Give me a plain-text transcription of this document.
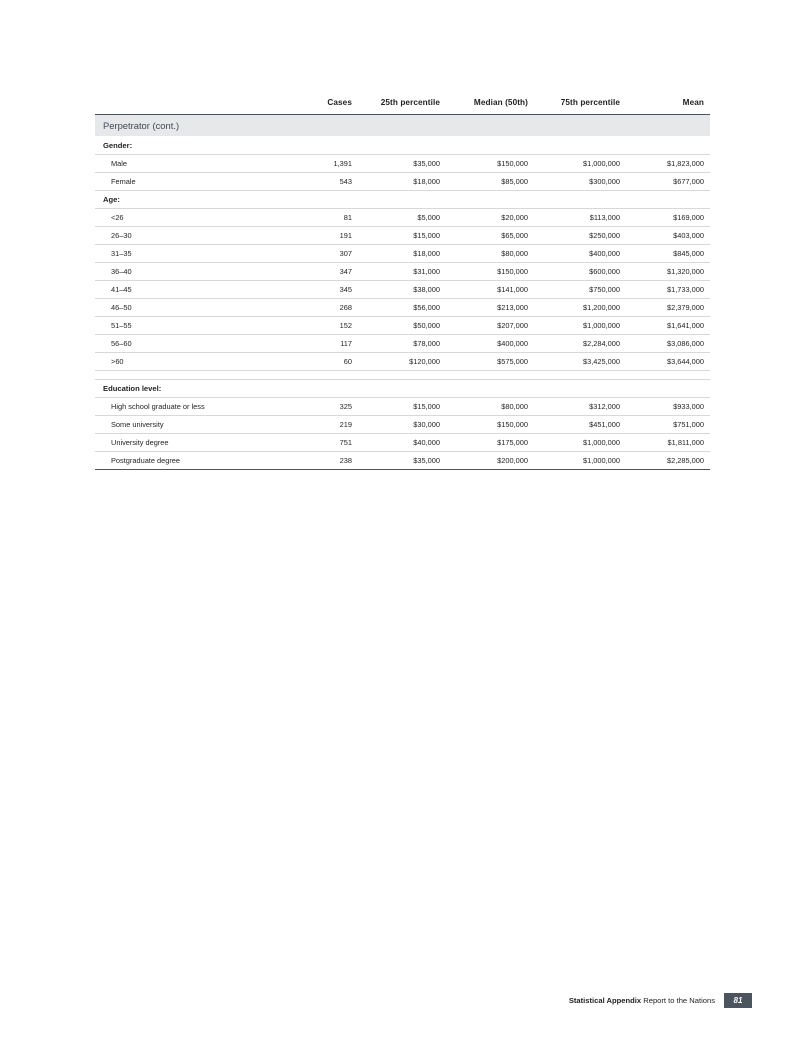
	Cases	25th percentile	Median (50th)	75th percentile	Mean
Perpetrator (cont.)					
Gender:					
Male	1,391	$35,000	$150,000	$1,000,000	$1,823,000
Female	543	$18,000	$85,000	$300,000	$677,000
Age:					
<26	81	$5,000	$20,000	$113,000	$169,000
26–30	191	$15,000	$65,000	$250,000	$403,000
31–35	307	$18,000	$80,000	$400,000	$845,000
36–40	347	$31,000	$150,000	$600,000	$1,320,000
41–45	345	$38,000	$141,000	$750,000	$1,733,000
46–50	268	$56,000	$213,000	$1,200,000	$2,379,000
51–55	152	$50,000	$207,000	$1,000,000	$1,641,000
56–60	117	$78,000	$400,000	$2,284,000	$3,086,000
>60	60	$120,000	$575,000	$3,425,000	$3,644,000

Education level:					
High school graduate or less	325	$15,000	$80,000	$312,000	$933,000
Some university	219	$30,000	$150,000	$451,000	$751,000
University degree	751	$40,000	$175,000	$1,000,000	$1,811,000
Postgraduate degree	238	$35,000	$200,000	$1,000,000	$2,285,000
Statistical Appendix Report to the Nations	81
